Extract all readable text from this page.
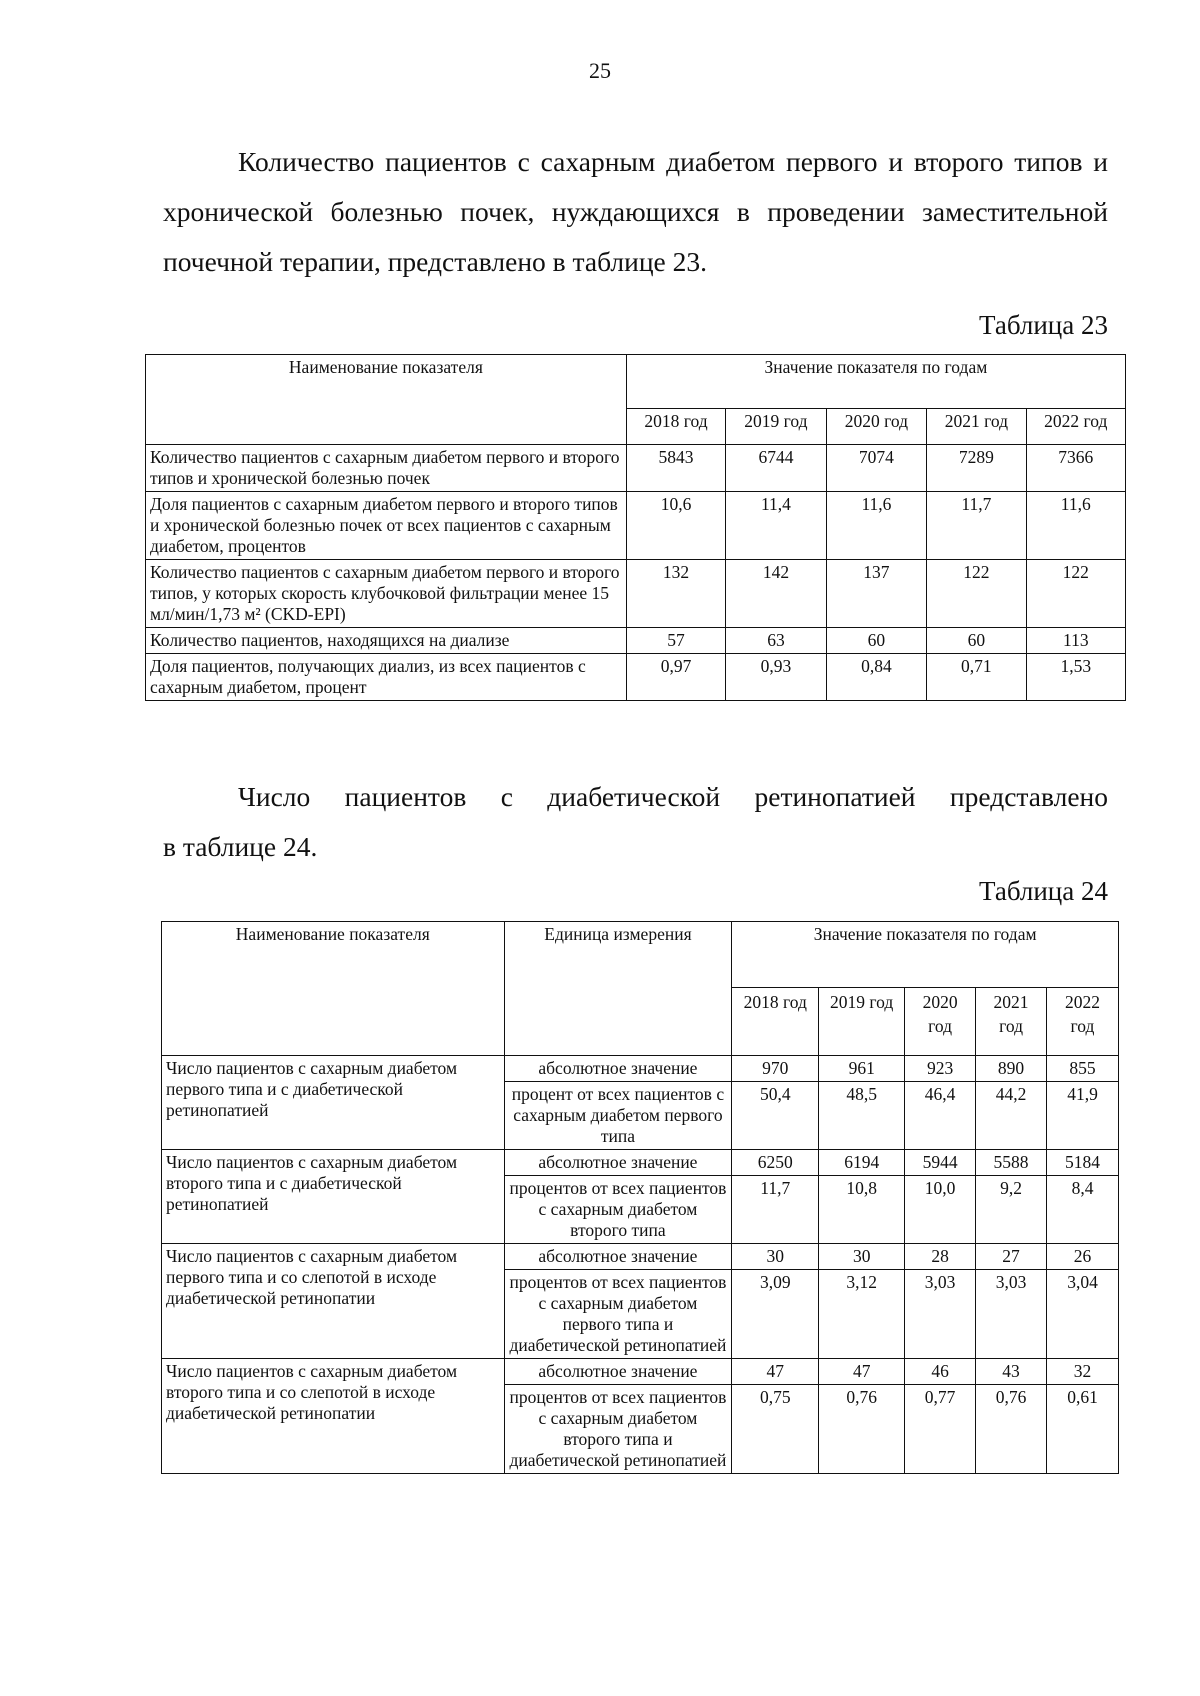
25
Количество пациентов с сахарным диабетом первого и второго типов и
хронической болезнью почек, нуждающихся в проведении заместительной
почечной терапии, представлено в таблице 23.
Таблица 23
Наименование показателя	Значение показателя по годам				
	2018 год	2019 год	2020 год	2021 год	2022 год
Количество пациентов с сахарным диабетом первого и второго типов и хронической болезнью почек	5843	6744	7074	7289	7366
Доля пациентов с сахарным диабетом первого и второго типов и хронической болезнью почек от всех пациентов с сахарным диабетом, процентов	10,6	11,4	11,6	11,7	11,6
Количество пациентов с сахарным диабетом первого и второго типов, у которых скорость клубочковой фильтрации менее 15 мл/мин/1,73 м² (CKD-EPI)	132	142	137	122	122
Количество пациентов, находящихся на диализе	57	63	60	60	113
Доля пациентов, получающих диализ, из всех пациентов с сахарным диабетом, процент	0,97	0,93	0,84	0,71	1,53
Число пациентов с диабетической ретинопатией представлено
в таблице 24.
Таблица 24
Наименование показателя	Единица измерения	Значение показателя по годам				
		2018 год	2019 год	2020 год	2021 год	2022 год
Число пациентов с сахарным диабетом первого типа и с диабетической ретинопатией	абсолютное значение	970	961	923	890	855
	процент от всех пациентов с сахарным диабетом первого типа	50,4	48,5	46,4	44,2	41,9
Число пациентов с сахарным диабетом второго типа и с диабетической ретинопатией	абсолютное значение	6250	6194	5944	5588	5184
	процентов от всех пациентов с сахарным диабетом второго типа	11,7	10,8	10,0	9,2	8,4
Число пациентов с сахарным диабетом первого типа и со слепотой в исходе диабетической ретинопатии	абсолютное значение	30	30	28	27	26
	процентов от всех пациентов с сахарным диабетом первого типа и диабетической ретинопатией	3,09	3,12	3,03	3,03	3,04
Число пациентов с сахарным диабетом второго типа и со слепотой в исходе диабетической ретинопатии	абсолютное значение	47	47	46	43	32
	процентов от всех пациентов с сахарным диабетом второго типа и диабетической ретинопатией	0,75	0,76	0,77	0,76	0,61
